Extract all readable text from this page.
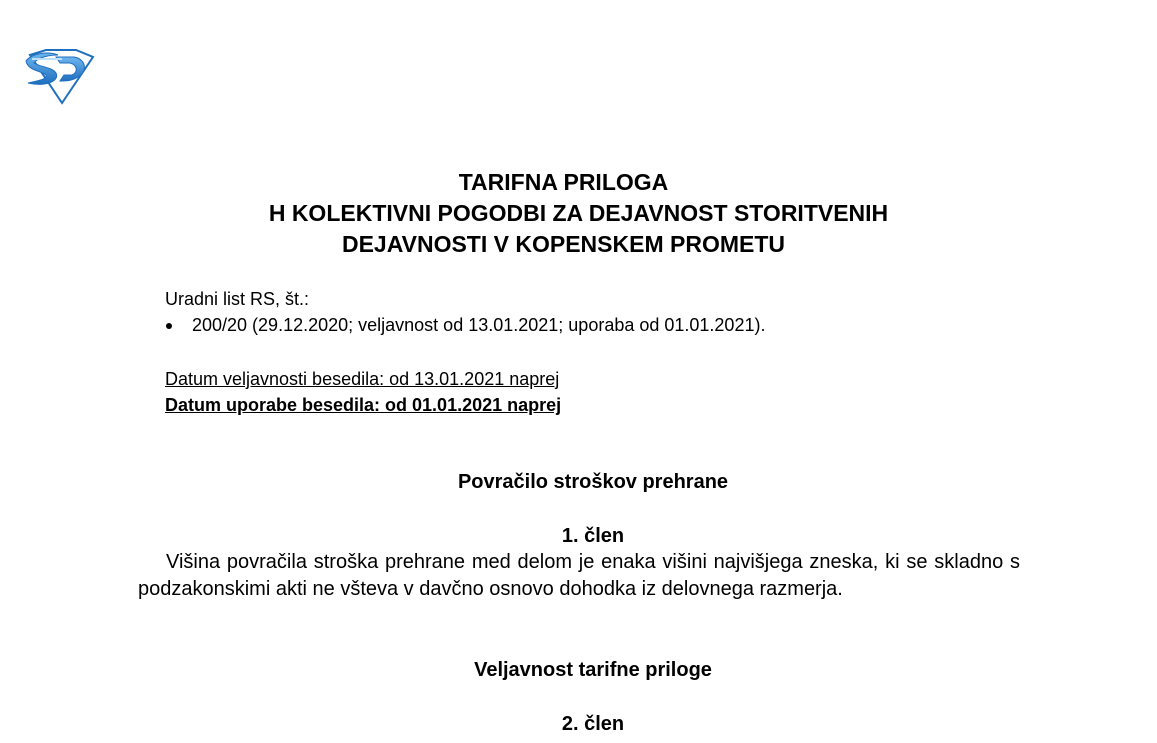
TARIFNA PRILOGA
H KOLEKTIVNI POGODBI ZA DEJAVNOST STORITVENIH
DEJAVNOSTI V KOPENSKEM PROMETU
Uradni list RS, št.:
200/20 (29.12.2020; veljavnost od 13.01.2021; uporaba od 01.01.2021).
Datum veljavnosti besedila: od 13.01.2021 naprej
Datum uporabe besedila: od 01.01.2021 naprej
Povračilo stroškov prehrane
1. člen
Višina povračila stroška prehrane med delom je enaka višini najvišjega zneska, ki se skladno s podzakonskimi akti ne všteva v davčno osnovo dohodka iz delovnega razmerja.
Veljavnost tarifne priloge
2. člen
